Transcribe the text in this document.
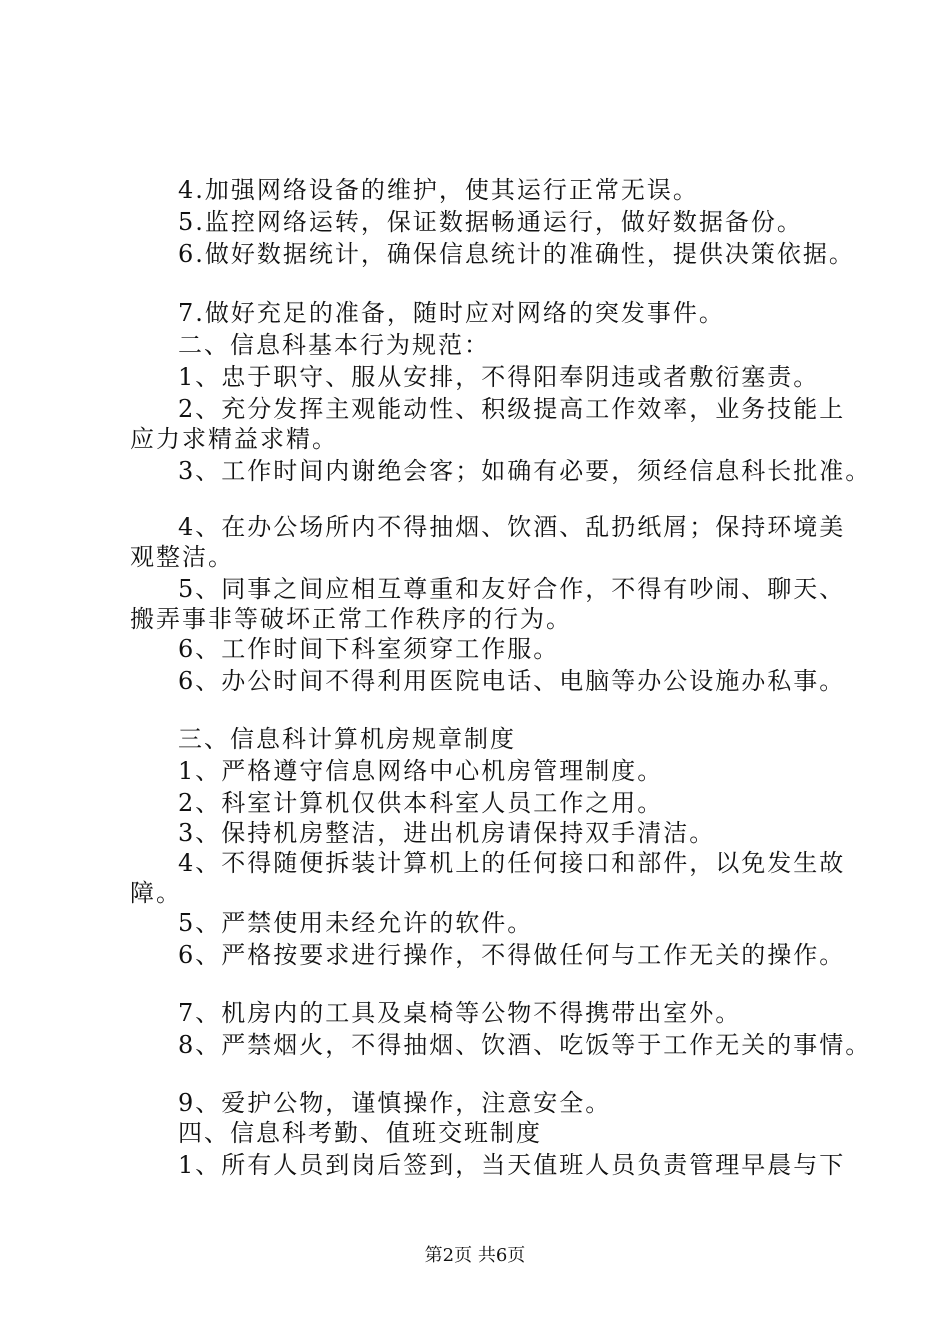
4.加强网络设备的维护，使其运行正常无误。
5.监控网络运转，保证数据畅通运行，做好数据备份。
6.做好数据统计，确保信息统计的准确性，提供决策依据。
7.做好充足的准备，随时应对网络的突发事件。
二、信息科基本行为规范：
1、忠于职守、服从安排，不得阳奉阴违或者敷衍塞责。
2、充分发挥主观能动性、积级提高工作效率，业务技能上
应力求精益求精。
3、工作时间内谢绝会客；如确有必要，须经信息科长批准。
4、在办公场所内不得抽烟、饮酒、乱扔纸屑；保持环境美
观整洁。
5、同事之间应相互尊重和友好合作，不得有吵闹、聊天、
搬弄事非等破坏正常工作秩序的行为。
6、工作时间下科室须穿工作服。
6、办公时间不得利用医院电话、电脑等办公设施办私事。
三、信息科计算机房规章制度
1、严格遵守信息网络中心机房管理制度。
2、科室计算机仅供本科室人员工作之用。
3、保持机房整洁，进出机房请保持双手清洁。
4、不得随便拆装计算机上的任何接口和部件，以免发生故
障。
5、严禁使用未经允许的软件。
6、严格按要求进行操作，不得做任何与工作无关的操作。
7、机房内的工具及桌椅等公物不得携带出室外。
8、严禁烟火，不得抽烟、饮酒、吃饭等于工作无关的事情。
9、爱护公物，谨慎操作，注意安全。
四、信息科考勤、值班交班制度
1、所有人员到岗后签到，当天值班人员负责管理早晨与下
第2页 共6页
